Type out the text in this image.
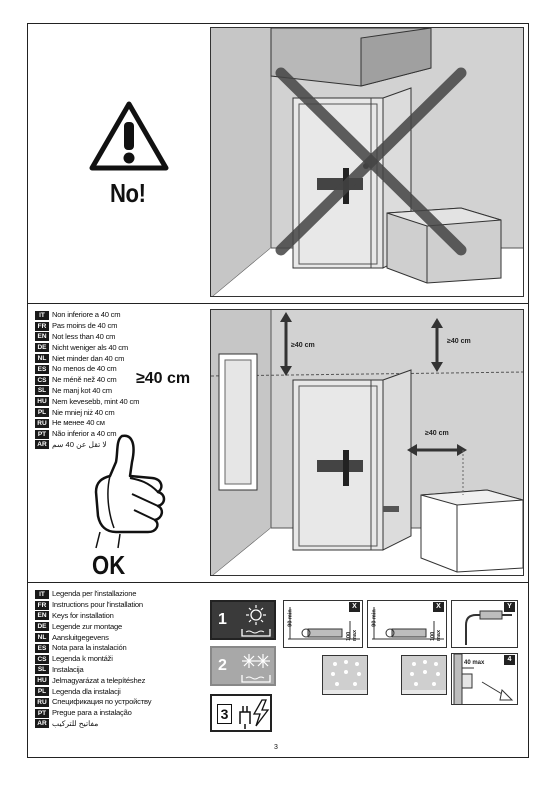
No!
IT Non inferiore a 40 cm
FR Pas moins de 40 cm
EN Not less than 40 cm
DE Nicht weniger als 40 cm
NL Niet minder dan 40 cm
ES No menos de 40 cm
CS Ne méně než 40 cm
SL Ne manj kot 40 cm
HU Nem kevesebb, mint 40 cm
PL Nie mniej niż 40 cm
RU Не менее 40 см
PT Não inferior a 40 cm
AR لا تقل عن 40 سم
≥40 cm
OK
≥40 cm
≥40 cm
≥40 cm
IT Legenda per l'installazione
FR Instructions pour l'installation
EN Keys for installation
DE Legende zur montage
NL Aansluitgegevens
ES Nota para la instalación
CS Legenda k montáži
SL Instalacija
HU Jelmagyarázat a telepítéshez
PL Legenda dla instalacji
RU Спецификация по устройству
PT Pregue para a instalação
AR مفاتيح للتركيب
1
2
3
90 min
100 max
X
90 min
100 max
X	Y
40 max	4
3
